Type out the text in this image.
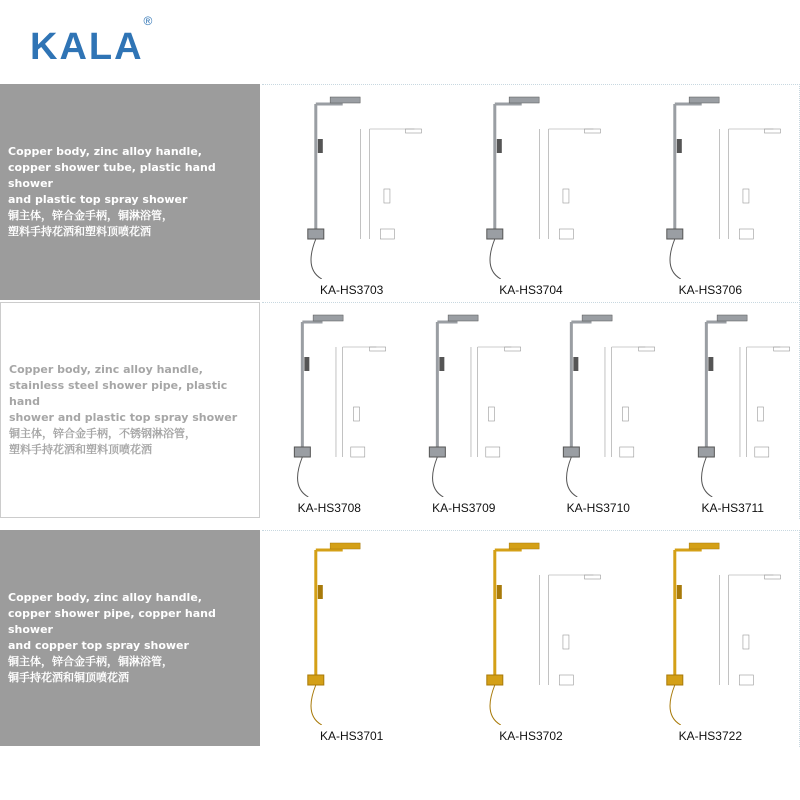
KALA®
Copper body, zinc alloy handle,
copper shower tube, plastic hand shower
and plastic top spray shower
铜主体，锌合金手柄，铜淋浴管，
塑料手持花洒和塑料顶喷花洒
KA-HS3703	KA-HS3704	KA-HS3706
Copper body, zinc alloy handle,
stainless steel shower pipe, plastic hand
shower and plastic top spray shower
铜主体，锌合金手柄，不锈钢淋浴管，
塑料手持花洒和塑料顶喷花洒
KA-HS3708	KA-HS3709	KA-HS3710	KA-HS3711
Copper body, zinc alloy handle,
copper shower pipe, copper hand shower
and copper top spray shower
铜主体，锌合金手柄，铜淋浴管，
铜手持花洒和铜顶喷花洒
KA-HS3701	KA-HS3702	KA-HS3722
